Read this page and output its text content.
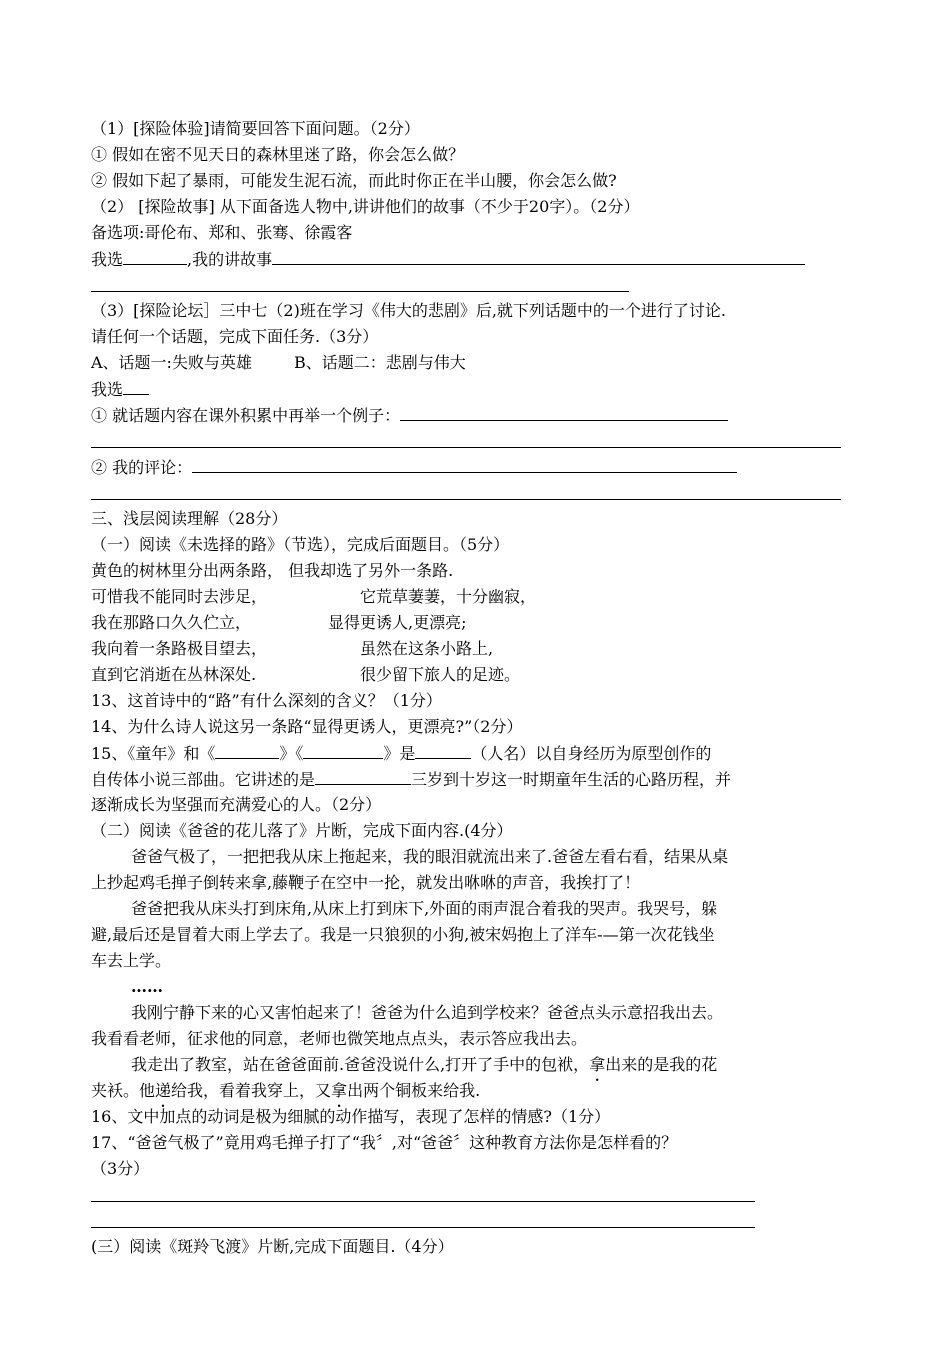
（1）[探险体验]请简要回答下面问题。（2分）
① 假如在密不见天日的森林里迷了路，你会怎么做？
② 假如下起了暴雨，可能发生泥石流，而此时你正在半山腰，你会怎么做?
（2） [探险故事] 从下面备选人物中,讲讲他们的故事（不少于20字）。（2分）
备选项:哥伦布、郑和、张骞、徐霞客
我选	,我的讲故事
（3）[探险论坛］三中七（2)班在学习《伟大的悲剧》后,就下列话题中的一个进行了讨论.
请任何一个话题，完成下面任务.（3分）
A、话题一:失败与英雄	B、话题二：悲剧与伟大
我选
① 就话题内容在课外积累中再举一个例子：
② 我的评论：
三、浅层阅读理解（28分）
（一）阅读《未选择的路》（节选），完成后面题目。（5分）
黄色的树林里分出两条路， 但我却选了另外一条路.
可惜我不能同时去涉足，	它荒草萋萋，十分幽寂，
我在那路口久久伫立，	显得更诱人,更漂亮;
我向着一条路极目望去，	虽然在这条小路上,
直到它消逝在丛林深处.	很少留下旅人的足迹。
13、这首诗中的“路”有什么深刻的含义？（1分）
14、为什么诗人说这另一条路“显得更诱人，更漂亮?”（2分）
15、《童年》和《	》《	》是	（人名）以自身经历为原型创作的
自传体小说三部曲。它讲述的是	三岁到十岁这一时期童年生活的心路历程，并
逐渐成长为坚强而充满爱心的人。（2分）
（二）阅读《爸爸的花儿落了》片断，完成下面内容.(4分）
爸爸气极了，一把把我从床上拖起来，我的眼泪就流出来了.爸爸左看右看，结果从桌
上抄起鸡毛掸子倒转来拿,藤鞭子在空中一抡，就发出咻咻的声音，我挨打了！
爸爸把我从床头打到床角,从床上打到床下,外面的雨声混合着我的哭声。我哭号，躲
避,最后还是冒着大雨上学去了。我是一只狼狈的小狗,被宋妈抱上了洋车-—第一次花钱坐
车去上学。
……
我刚宁静下来的心又害怕起来了！爸爸为什么追到学校来？爸爸点头示意招我出去。
我看看老师，征求他的同意，老师也微笑地点点头，表示答应我出去。
我走出了教室，站在爸爸面前.爸爸没说什么,打开了手中的包袱，拿出来的是我的花
夹袄。他递给我，看着我穿上，又拿出两个铜板来给我.
16、文中加点的动词是极为细腻的动作描写，表现了怎样的情感?（1分）
17、“爸爸气极了”竟用鸡毛掸子打了“我〞,对“爸爸〞这种教育方法你是怎样看的？
（3分）
(三）阅读《斑羚飞渡》片断,完成下面题目.（4分）
